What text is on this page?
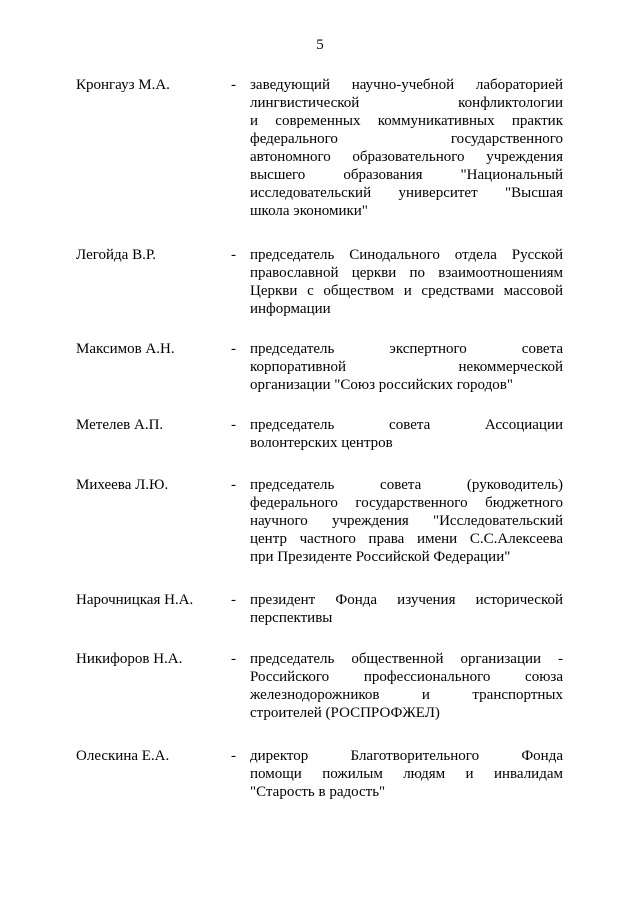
5
Кронгауз М.А.	- заведующий научно-учебной лабораторией
лингвистической конфликтологии
и современных коммуникативных практик
федерального государственного
автономного образовательного учреждения
высшего образования "Национальный
исследовательский университет "Высшая
школа экономики"
Легойда В.Р.	- председатель Синодального отдела Русской
православной церкви по взаимоотношениям
Церкви с обществом и средствами массовой
информации
Максимов А.Н.	- председатель экспертного совета
корпоративной некоммерческой
организации "Союз российских городов"
Метелев А.П.	- председатель совета Ассоциации
волонтерских центров
Михеева Л.Ю.	- председатель совета (руководитель)
федерального государственного бюджетного
научного учреждения "Исследовательский
центр частного права имени С.С.Алексеева
при Президенте Российской Федерации"
Нарочницкая Н.А.	- президент Фонда изучения исторической
перспективы
Никифоров Н.А.	- председатель общественной организации -
Российского профессионального союза
железнодорожников и транспортных
строителей (РОСПРОФЖЕЛ)
Олескина Е.А.	- директор Благотворительного Фонда
помощи пожилым людям и инвалидам
"Старость в радость"
